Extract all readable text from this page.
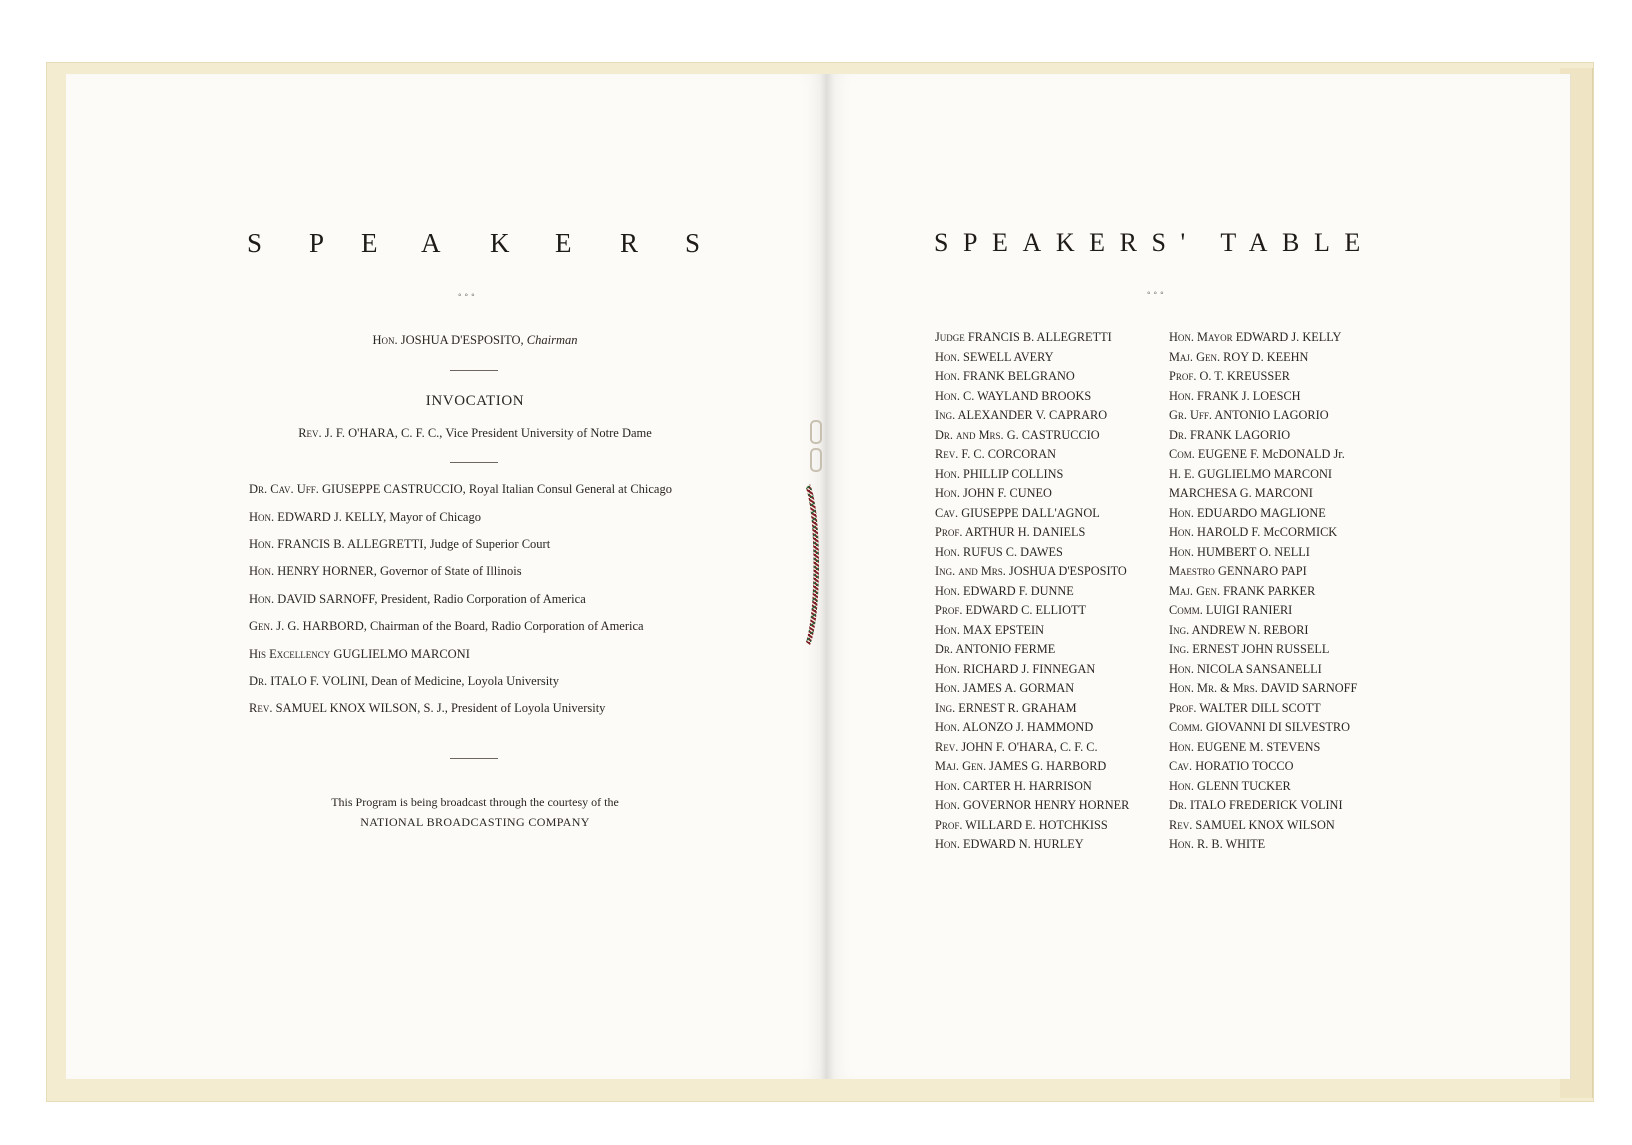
S P E A K E R S
◦◦◦
Hon. JOSHUA D'ESPOSITO, Chairman
INVOCATION
Rev. J. F. O'HARA, C. F. C., Vice President University of Notre Dame
Dr. Cav. Uff. GIUSEPPE CASTRUCCIO, Royal Italian Consul General at Chicago
Hon. EDWARD J. KELLY, Mayor of Chicago
Hon. FRANCIS B. ALLEGRETTI, Judge of Superior Court
Hon. HENRY HORNER, Governor of State of Illinois
Hon. DAVID SARNOFF, President, Radio Corporation of America
Gen. J. G. HARBORD, Chairman of the Board, Radio Corporation of America
His Excellency GUGLIELMO MARCONI
Dr. ITALO F. VOLINI, Dean of Medicine, Loyola University
Rev. SAMUEL KNOX WILSON, S. J., President of Loyola University
This Program is being broadcast through the courtesy of the
NATIONAL BROADCASTING COMPANY
SPEAKERS' TABLE
◦◦◦
Judge FRANCIS B. ALLEGRETTI
Hon. SEWELL AVERY
Hon. FRANK BELGRANO
Hon. C. WAYLAND BROOKS
Ing. ALEXANDER V. CAPRARO
Dr. and Mrs. G. CASTRUCCIO
Rev. F. C. CORCORAN
Hon. PHILLIP COLLINS
Hon. JOHN F. CUNEO
Cav. GIUSEPPE DALL'AGNOL
Prof. ARTHUR H. DANIELS
Hon. RUFUS C. DAWES
Ing. and Mrs. JOSHUA D'ESPOSITO
Hon. EDWARD F. DUNNE
Prof. EDWARD C. ELLIOTT
Hon. MAX EPSTEIN
Dr. ANTONIO FERME
Hon. RICHARD J. FINNEGAN
Hon. JAMES A. GORMAN
Ing. ERNEST R. GRAHAM
Hon. ALONZO J. HAMMOND
Rev. JOHN F. O'HARA, C. F. C.
Maj. Gen. JAMES G. HARBORD
Hon. CARTER H. HARRISON
Hon. GOVERNOR HENRY HORNER
Prof. WILLARD E. HOTCHKISS
Hon. EDWARD N. HURLEY
Hon. Mayor EDWARD J. KELLY
Maj. Gen. ROY D. KEEHN
Prof. O. T. KREUSSER
Hon. FRANK J. LOESCH
Gr. Uff. ANTONIO LAGORIO
Dr. FRANK LAGORIO
Com. EUGENE F. McDONALD Jr.
H. E. GUGLIELMO MARCONI
MARCHESA G. MARCONI
Hon. EDUARDO MAGLIONE
Hon. HAROLD F. McCORMICK
Hon. HUMBERT O. NELLI
Maestro GENNARO PAPI
Maj. Gen. FRANK PARKER
Comm. LUIGI RANIERI
Ing. ANDREW N. REBORI
Ing. ERNEST JOHN RUSSELL
Hon. NICOLA SANSANELLI
Hon. Mr. & Mrs. DAVID SARNOFF
Prof. WALTER DILL SCOTT
Comm. GIOVANNI DI SILVESTRO
Hon. EUGENE M. STEVENS
Cav. HORATIO TOCCO
Hon. GLENN TUCKER
Dr. ITALO FREDERICK VOLINI
Rev. SAMUEL KNOX WILSON
Hon. R. B. WHITE
